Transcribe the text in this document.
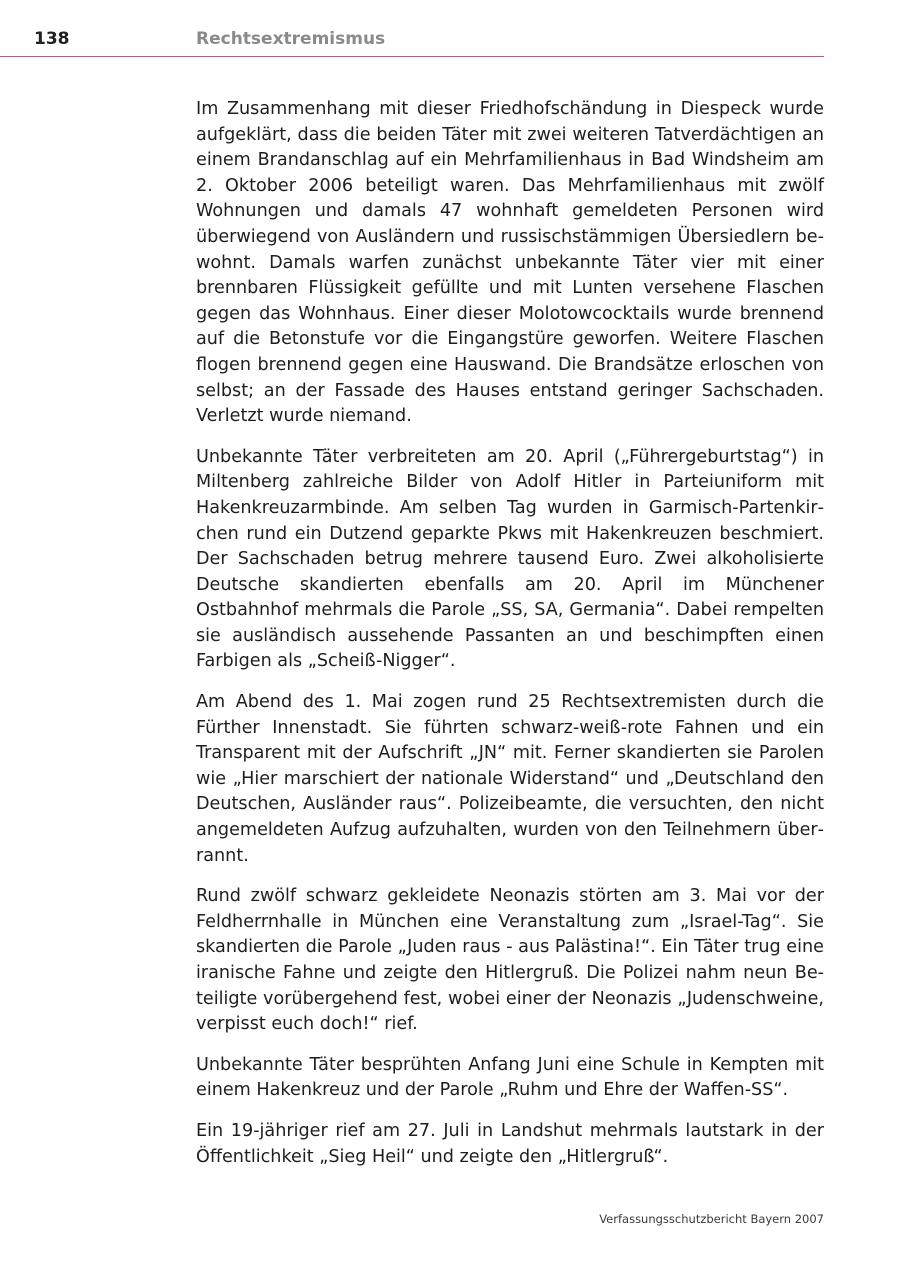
138	Rechtsextremismus

Im Zusammenhang mit dieser Friedhofschändung in Diespeck wurde aufgeklärt, dass die beiden Täter mit zwei weiteren Tatverdächtigen an einem Brandanschlag auf ein Mehrfamilienhaus in Bad Windsheim am 2. Oktober 2006 beteiligt waren. Das Mehrfamilienhaus mit zwölf Wohnungen und damals 47 wohnhaft gemeldeten Personen wird überwiegend von Ausländern und russischstämmigen Übersiedlern bewohnt. Damals warfen zunächst unbekannte Täter vier mit einer brennbaren Flüssigkeit gefüllte und mit Lunten versehene Flaschen gegen das Wohnhaus. Einer dieser Molotowcocktails wurde brennend auf die Betonstufe vor die Eingangstüre geworfen. Weitere Flaschen flogen brennend gegen eine Hauswand. Die Brandsätze erloschen von selbst; an der Fassade des Hauses entstand geringer Sachschaden. Verletzt wurde niemand.

Unbekannte Täter verbreiteten am 20. April („Führergeburtstag“) in Miltenberg zahlreiche Bilder von Adolf Hitler in Parteiuniform mit Hakenkreuzarmbinde. Am selben Tag wurden in Garmisch-Partenkirchen rund ein Dutzend geparkte Pkws mit Hakenkreuzen beschmiert. Der Sachschaden betrug mehrere tausend Euro. Zwei alkoholisierte Deutsche skandierten ebenfalls am 20. April im Münchener Ostbahnhof mehrmals die Parole „SS, SA, Germania“. Dabei rempelten sie ausländisch aussehende Passanten an und beschimpften einen Farbigen als „Scheiß-Nigger“.

Am Abend des 1. Mai zogen rund 25 Rechtsextremisten durch die Fürther Innenstadt. Sie führten schwarz-weiß-rote Fahnen und ein Transparent mit der Aufschrift „JN“ mit. Ferner skandierten sie Parolen wie „Hier marschiert der nationale Widerstand“ und „Deutschland den Deutschen, Ausländer raus“. Polizeibeamte, die versuchten, den nicht angemeldeten Aufzug aufzuhalten, wurden von den Teilnehmern überrannt.

Rund zwölf schwarz gekleidete Neonazis störten am 3. Mai vor der Feldherrnhalle in München eine Veranstaltung zum „Israel-Tag“. Sie skandierten die Parole „Juden raus - aus Palästina!“. Ein Täter trug eine iranische Fahne und zeigte den Hitlergruß. Die Polizei nahm neun Beteiligte vorübergehend fest, wobei einer der Neonazis „Judenschweine, verpisst euch doch!“ rief.

Unbekannte Täter besprühten Anfang Juni eine Schule in Kempten mit einem Hakenkreuz und der Parole „Ruhm und Ehre der Waffen-SS“.

Ein 19-jähriger rief am 27. Juli in Landshut mehrmals lautstark in der Öffentlichkeit „Sieg Heil“ und zeigte den „Hitlergruß“.

Verfassungsschutzbericht Bayern 2007
